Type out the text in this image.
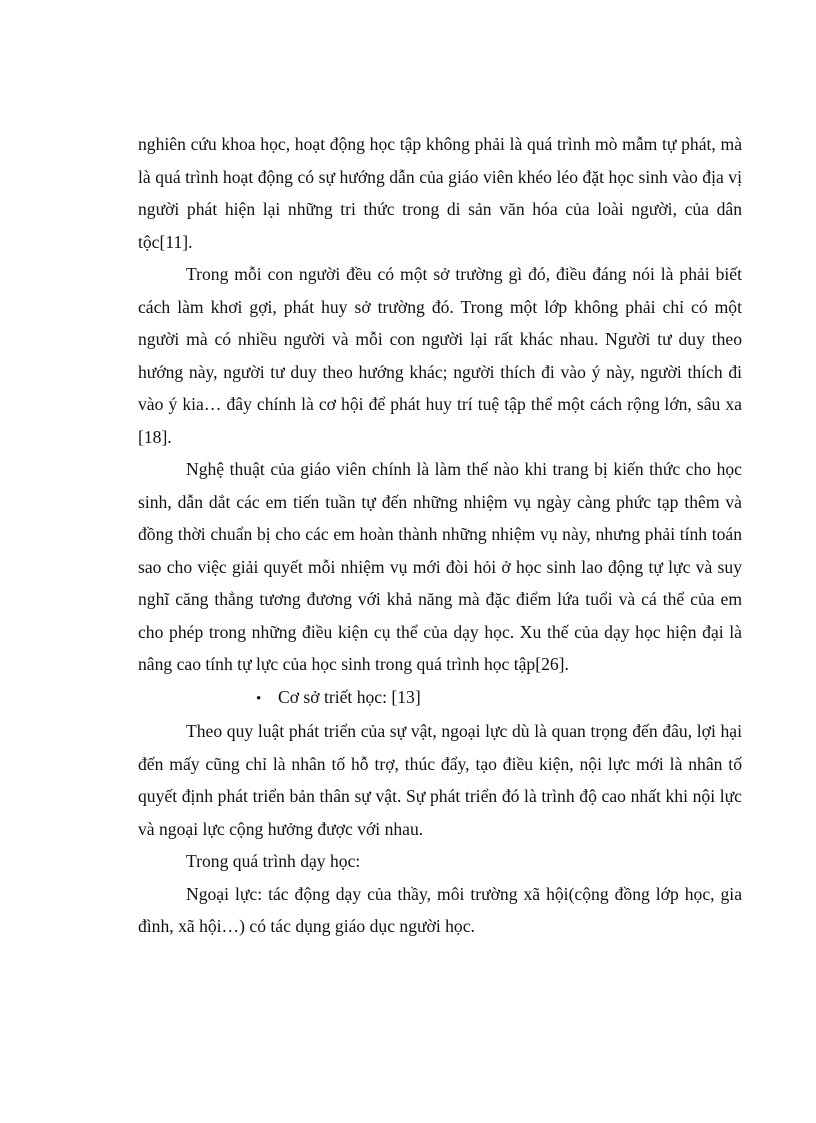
nghiên cứu khoa học, hoạt động học tập không phải là quá trình mò mẫm tự phát, mà là quá trình hoạt động có sự hướng dẫn của giáo viên khéo léo đặt học sinh vào địa vị người phát hiện lại những tri thức trong di sản văn hóa của loài người, của dân tộc[11].

Trong mỗi con người đều có một sở trường gì đó, điều đáng nói là phải biết cách làm khơi gợi, phát huy sở trường đó. Trong một lớp không phải chỉ có một người mà có nhiều người và mỗi con người lại rất khác nhau. Người tư duy theo hướng này, người tư duy theo hướng khác; người thích đi vào ý này, người thích đi vào ý kia… đây chính là cơ hội để phát huy trí tuệ tập thể một cách rộng lớn, sâu xa [18].

Nghệ thuật của giáo viên chính là làm thế nào khi trang bị kiến thức cho học sinh, dẫn dắt các em tiến tuần tự đến những nhiệm vụ ngày càng phức tạp thêm và đồng thời chuẩn bị cho các em hoàn thành những nhiệm vụ này, nhưng phải tính toán sao cho việc giải quyết mỗi nhiệm vụ mới đòi hỏi ở học sinh lao động tự lực và suy nghĩ căng thẳng tương đương với khả năng mà đặc điểm lứa tuổi và cá thể của em cho phép trong những điều kiện cụ thể của dạy học. Xu thế của dạy học hiện đại là nâng cao tính tự lực của học sinh trong quá trình học tập[26].

• Cơ sở triết học: [13]

Theo quy luật phát triển của sự vật, ngoại lực dù là quan trọng đến đâu, lợi hại đến mấy cũng chỉ là nhân tố hỗ trợ, thúc đẩy, tạo điều kiện, nội lực mới là nhân tố quyết định phát triển bản thân sự vật. Sự phát triển đó là trình độ cao nhất khi nội lực và ngoại lực cộng hưởng được với nhau.

Trong quá trình dạy học:

Ngoại lực: tác động dạy của thầy, môi trường xã hội(cộng đồng lớp học, gia đình, xã hội…) có tác dụng giáo dục người học.
